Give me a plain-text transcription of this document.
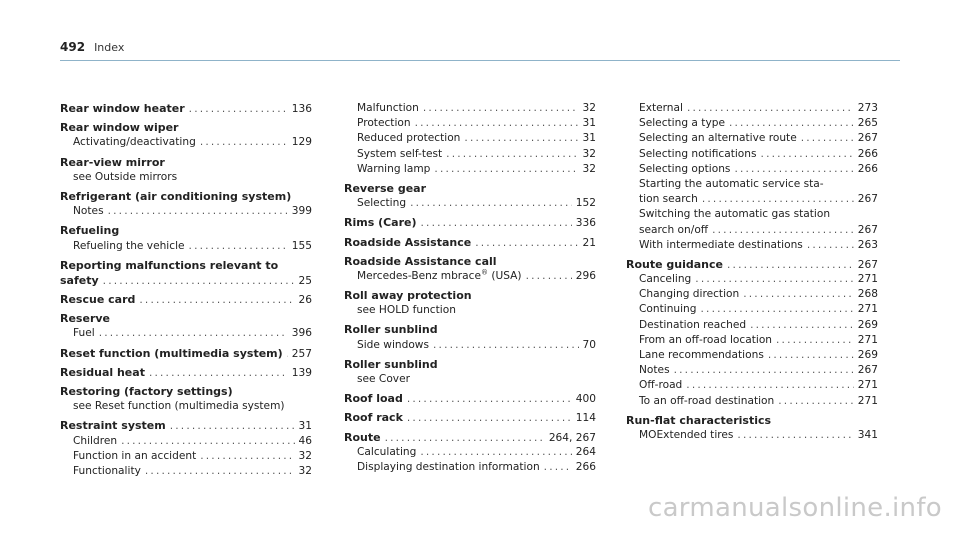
492 Index
Rear window heater . . .	136
Rear window wiper
Activating/deactivating . . .	129
Rear-view mirror
see Outside mirrors
Refrigerant (air conditioning system)
Notes . . .	399
Refueling
Refueling the vehicle . . .	155
Reporting malfunctions relevant to
safety . . .	25
Rescue card . . .	26
Reserve
Fuel . . .	396
Reset function (multimedia system) . . . 257
Residual heat . . .	139
Restoring (factory settings)
see Reset function (multimedia system)
Restraint system . . .	31
Children . . .	46
Function in an accident . . .	32
Functionality . . .	32
Malfunction . . .	32
Protection . . .	31
Reduced protection . . .	31
System self-test . . .	32
Warning lamp . . .	32
Reverse gear
Selecting . . .	152
Rims (Care) . . .	336
Roadside Assistance . . .	21
Roadside Assistance call
Mercedes-Benz mbrace® (USA) . . .	296
Roll away protection
see HOLD function
Roller sunblind
Side windows . . .	70
Roller sunblind
see Cover
Roof load . . .	400
Roof rack . . .	114
Route . . .	264, 267
Calculating . . .	264
Displaying destination information . . .	266
External . . .	273
Selecting a type . . .	265
Selecting an alternative route . . .	267
Selecting notifications . . .	266
Selecting options . . .	266
Starting the automatic service sta-
tion search . . .	267
Switching the automatic gas station
search on/off . . .	267
With intermediate destinations . . .	263
Route guidance . . .	267
Canceling . . .	271
Changing direction . . .	268
Continuing . . .	271
Destination reached . . .	269
From an off-road location . . .	271
Lane recommendations . . .	269
Notes . . .	267
Off-road . . .	271
To an off-road destination . . .	271
Run-flat characteristics
MOExtended tires . . .	341
carmanualsonline.info
